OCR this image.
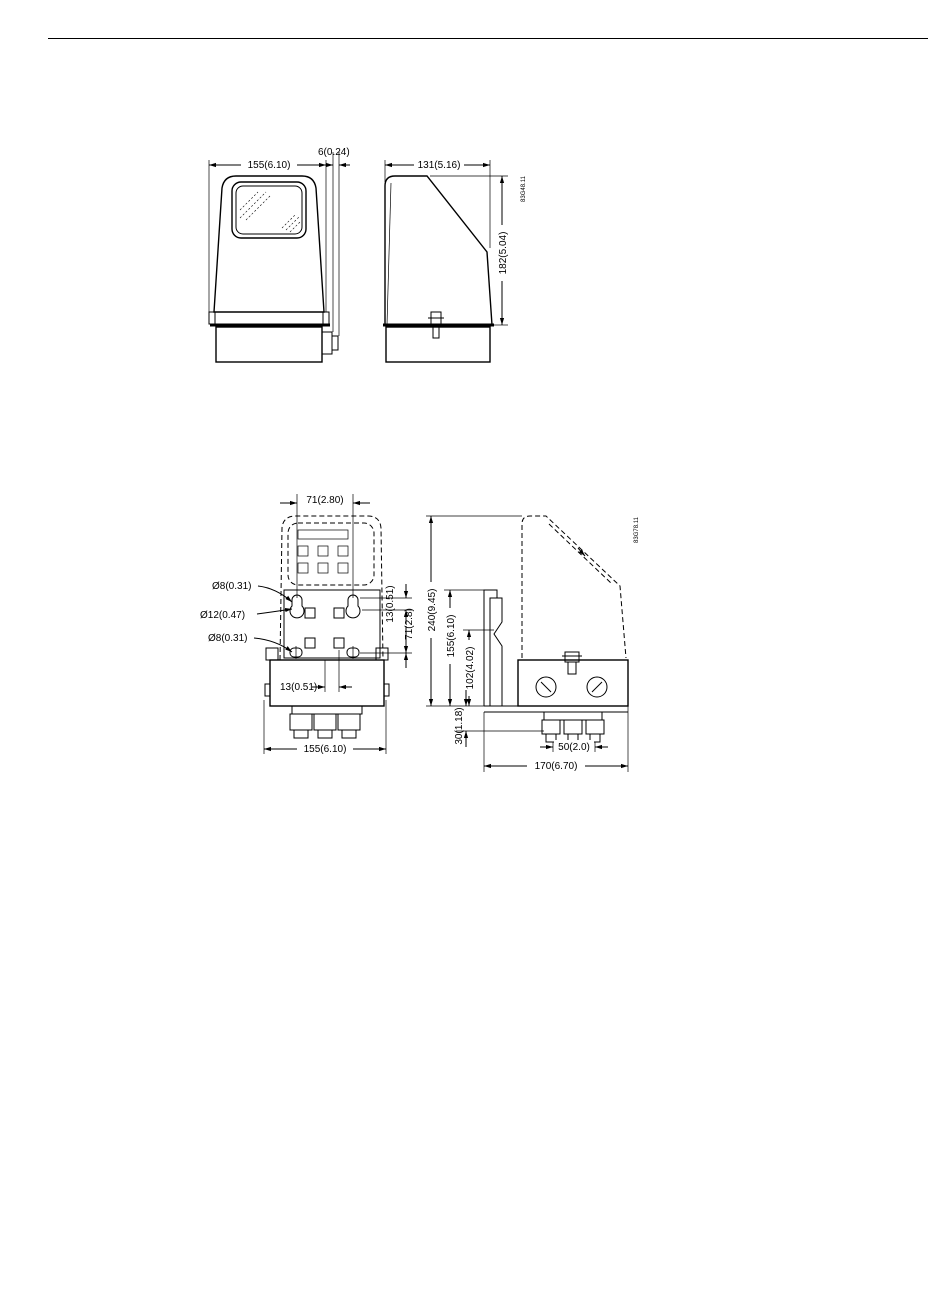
155(6.10)
6(0.24)
131(5.16)
182(5.04)
83G48.11
71(2.80)
Ø8(0.31)
Ø12(0.47)
Ø8(0.31)
13(0.51)
71(2.8)
13(0.51)
155(6.10)
240(9.45)
155(6.10)
102(4.02)
30(1.18)
50(2.0)
170(6.70)
83G78.11
